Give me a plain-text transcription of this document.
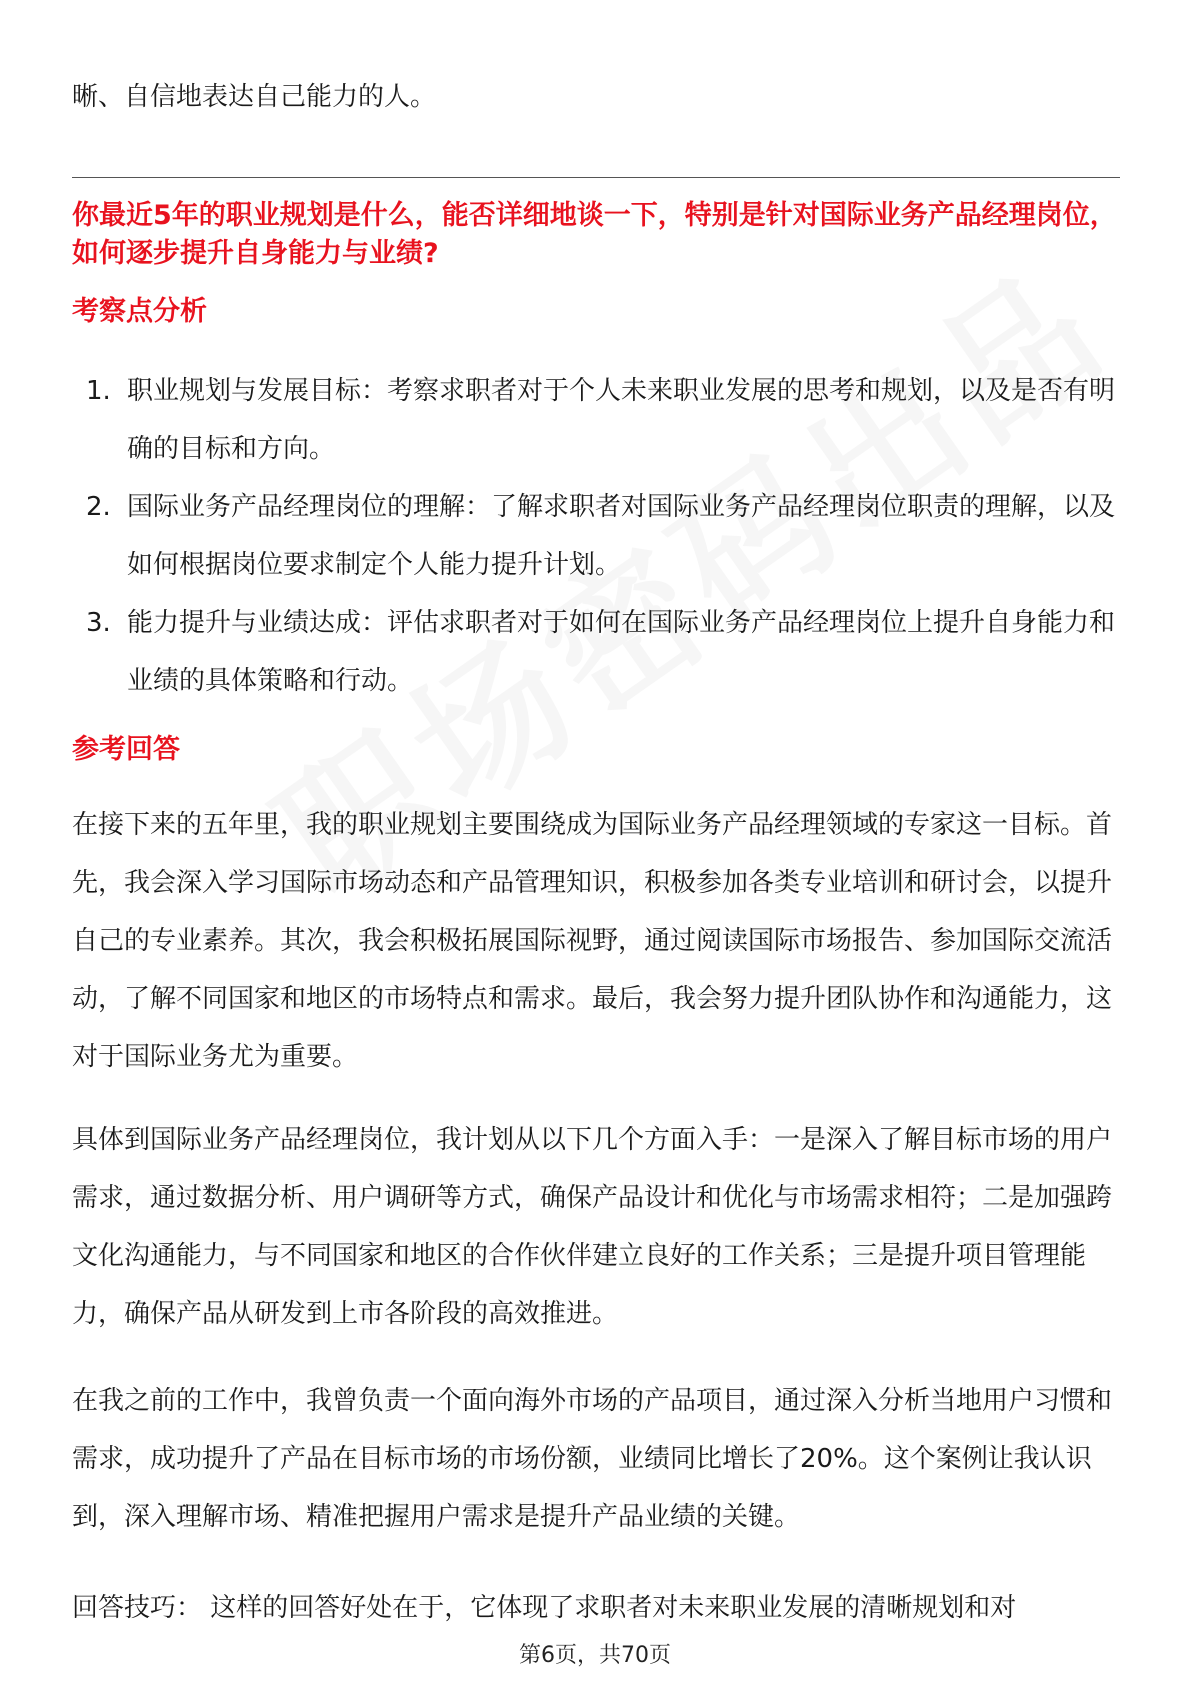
晰、自信地表达自己能力的人。

你最近5年的职业规划是什么，能否详细地谈一下，特别是针对国际业务产品经理岗位，如何逐步提升自身能力与业绩?

考察点分析

1. 职业规划与发展目标：考察求职者对于个人未来职业发展的思考和规划，以及是否有明确的目标和方向。
2. 国际业务产品经理岗位的理解：了解求职者对国际业务产品经理岗位职责的理解，以及如何根据岗位要求制定个人能力提升计划。
3. 能力提升与业绩达成：评估求职者对于如何在国际业务产品经理岗位上提升自身能力和业绩的具体策略和行动。

参考回答

在接下来的五年里，我的职业规划主要围绕成为国际业务产品经理领域的专家这一目标。首先，我会深入学习国际市场动态和产品管理知识，积极参加各类专业培训和研讨会，以提升自己的专业素养。其次，我会积极拓展国际视野，通过阅读国际市场报告、参加国际交流活动，了解不同国家和地区的市场特点和需求。最后，我会努力提升团队协作和沟通能力，这对于国际业务尤为重要。

具体到国际业务产品经理岗位，我计划从以下几个方面入手：一是深入了解目标市场的用户需求，通过数据分析、用户调研等方式，确保产品设计和优化与市场需求相符；二是加强跨文化沟通能力，与不同国家和地区的合作伙伴建立良好的工作关系；三是提升项目管理能力，确保产品从研发到上市各阶段的高效推进。

在我之前的工作中，我曾负责一个面向海外市场的产品项目，通过深入分析当地用户习惯和需求，成功提升了产品在目标市场的市场份额，业绩同比增长了20%。这个案例让我认识到，深入理解市场、精准把握用户需求是提升产品业绩的关键。

回答技巧： 这样的回答好处在于，它体现了求职者对未来职业发展的清晰规划和对

第6页，共70页
